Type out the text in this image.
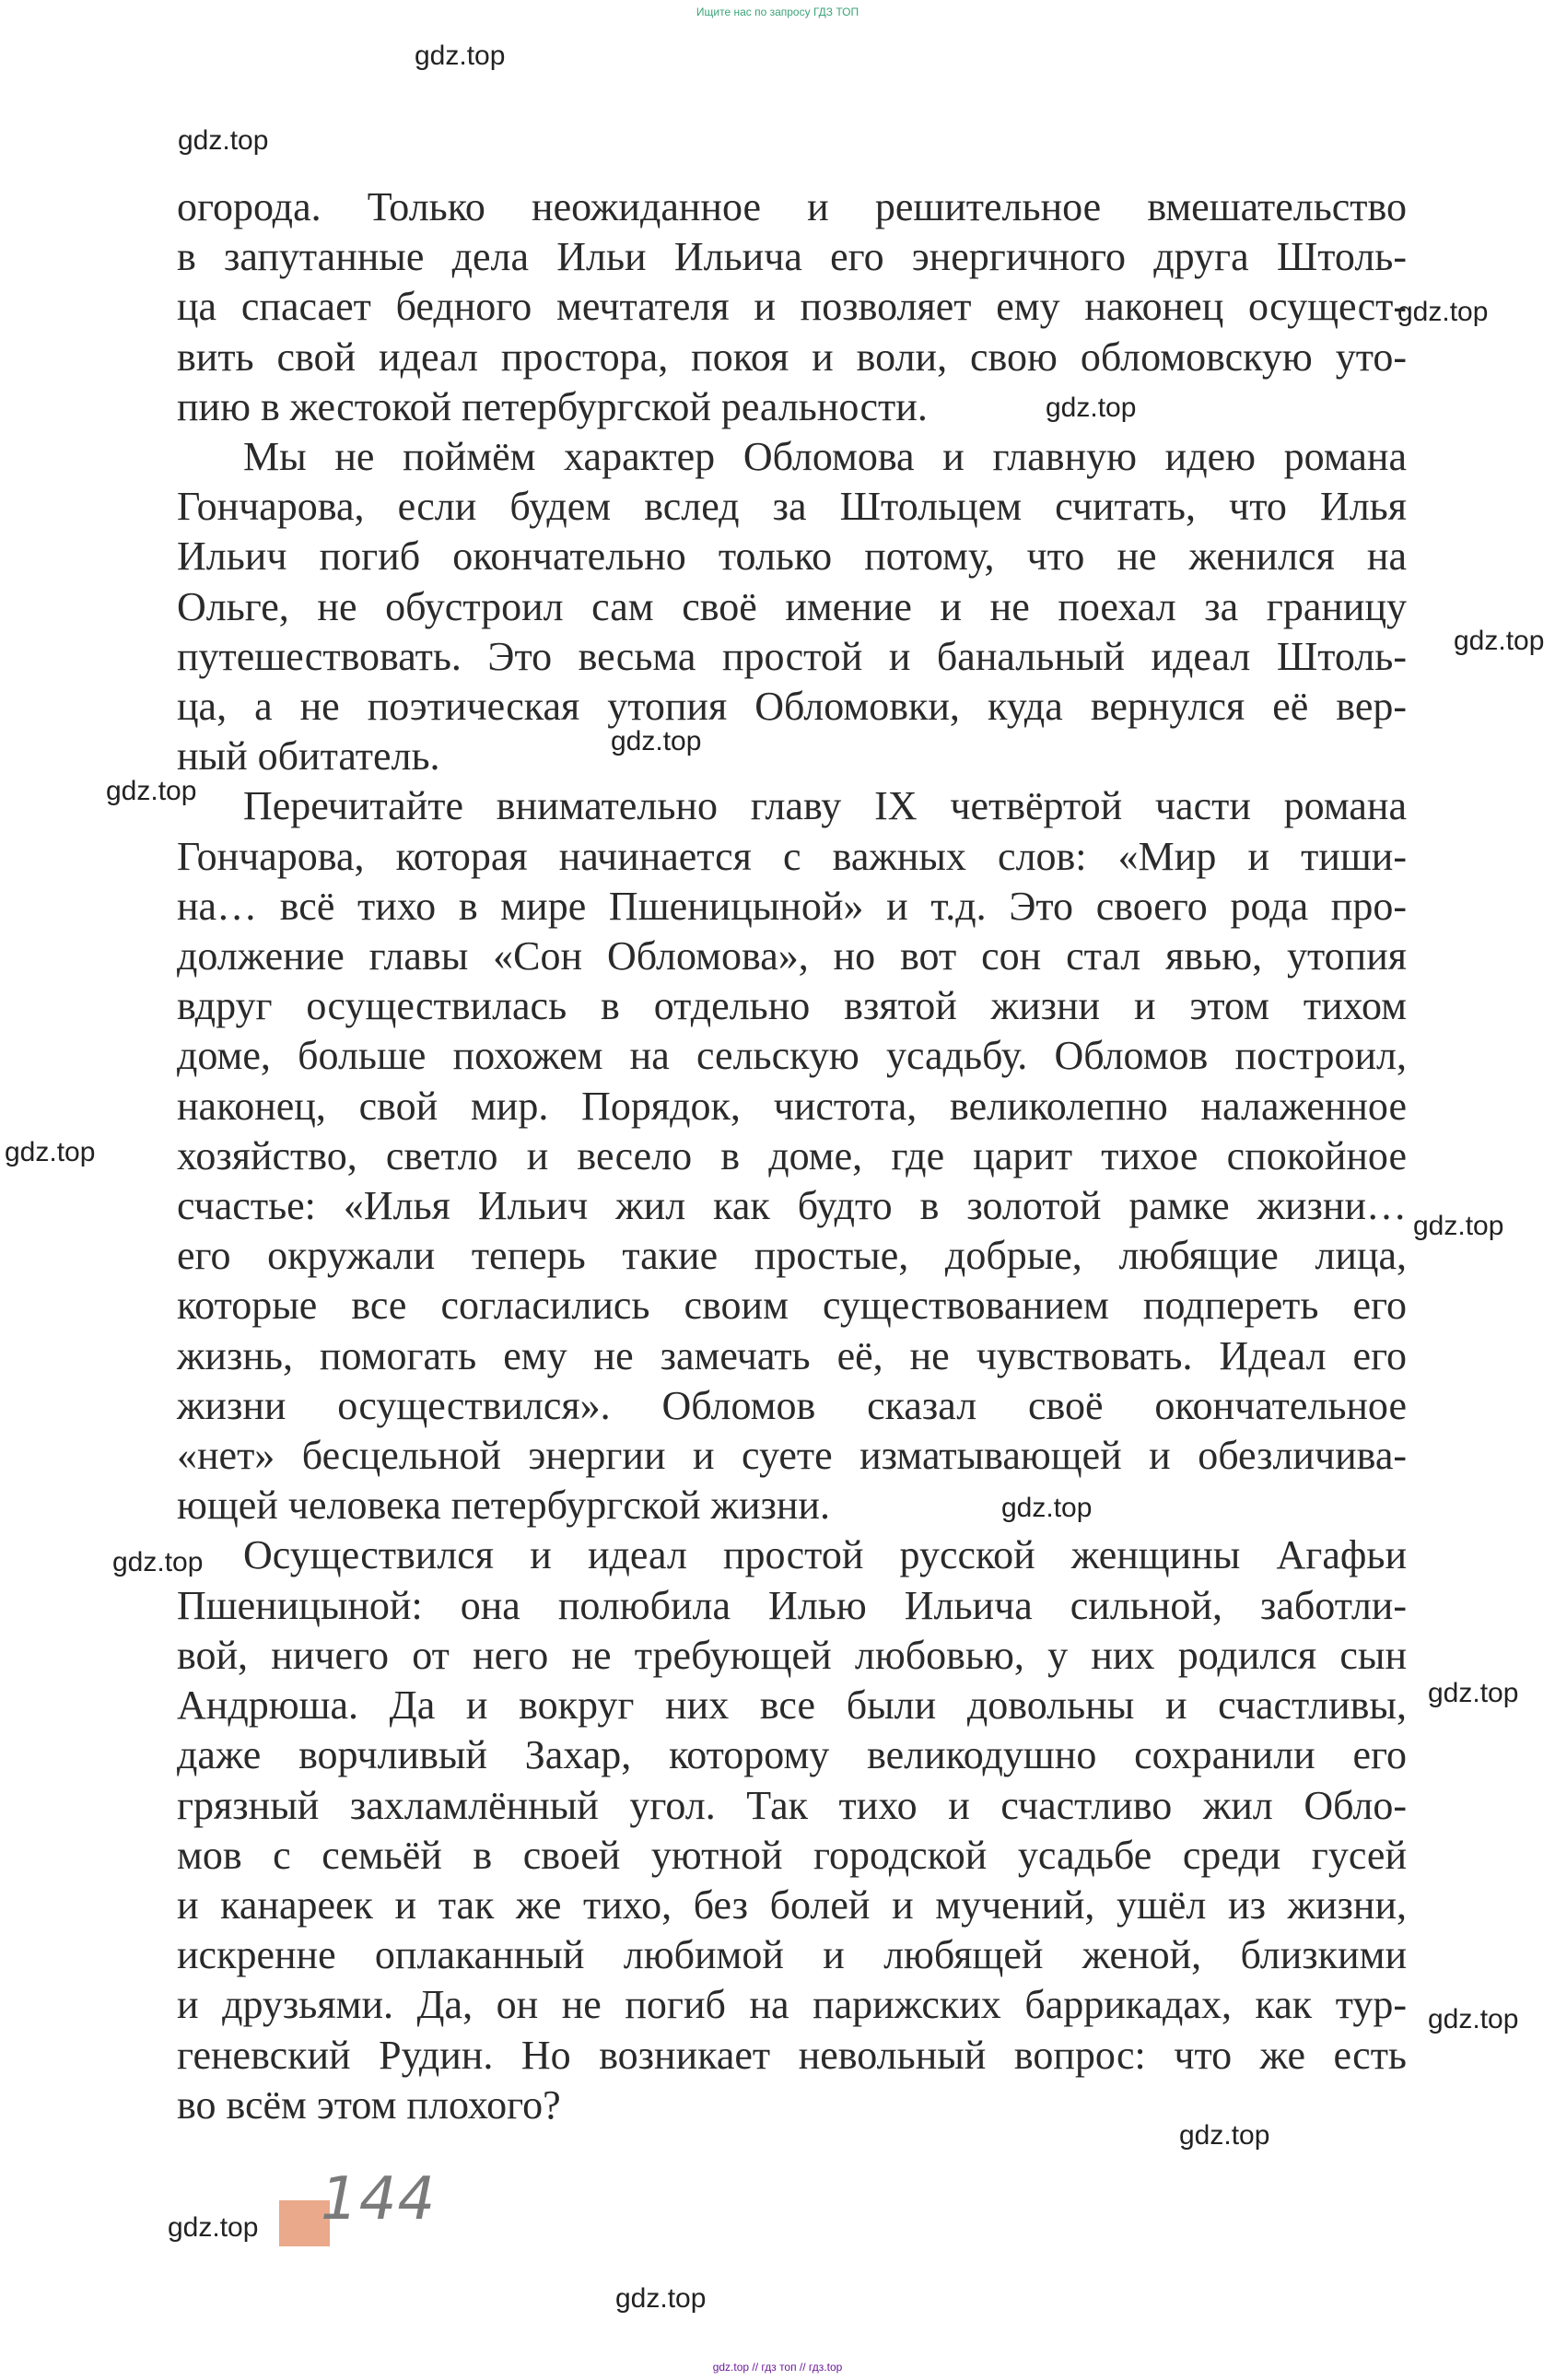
Ищите нас по запросу ГДЗ ТОП
gdz.top
gdz.top
gdz.top
gdz.top
gdz.top
gdz.top
gdz.top
gdz.top
gdz.top
gdz.top
gdz.top
gdz.top
gdz.top
gdz.top
gdz.top
gdz.top

огорода. Только неожиданное и решительное вмешательство
в запутанные дела Ильи Ильича его энергичного друга Штоль-
ца спасает бедного мечтателя и позволяет ему наконец осущест-
вить свой идеал простора, покоя и воли, свою обломовскую уто-
пию в жестокой петербургской реальности.

Мы не поймём характер Обломова и главную идею романа
Гончарова, если будем вслед за Штольцем считать, что Илья
Ильич погиб окончательно только потому, что не женился на
Ольге, не обустроил сам своё имение и не поехал за границу
путешествовать. Это весьма простой и банальный идеал Штоль-
ца, а не поэтическая утопия Обломовки, куда вернулся её вер-
ный обитатель.

Перечитайте внимательно главу IX четвёртой части романа
Гончарова, которая начинается с важных слов: «Мир и тиши-
на… всё тихо в мире Пшеницыной» и т.д. Это своего рода про-
должение главы «Сон Обломова», но вот сон стал явью, утопия
вдруг осуществилась в отдельно взятой жизни и этом тихом
доме, больше похожем на сельскую усадьбу. Обломов построил,
наконец, свой мир. Порядок, чистота, великолепно налаженное
хозяйство, светло и весело в доме, где царит тихое спокойное
счастье: «Илья Ильич жил как будто в золотой рамке жизни…
его окружали теперь такие простые, добрые, любящие лица,
которые все согласились своим существованием подпереть его
жизнь, помогать ему не замечать её, не чувствовать. Идеал его
жизни осуществился». Обломов сказал своё окончательное
«нет» бесцельной энергии и суете изматывающей и обезличива-
ющей человека петербургской жизни.

Осуществился и идеал простой русской женщины Агафьи
Пшеницыной: она полюбила Илью Ильича сильной, заботли-
вой, ничего от него не требующей любовью, у них родился сын
Андрюша. Да и вокруг них все были довольны и счастливы,
даже ворчливый Захар, которому великодушно сохранили его
грязный захламлённый угол. Так тихо и счастливо жил Обло-
мов с семьёй в своей уютной городской усадьбе среди гусей
и канареек и так же тихо, без болей и мучений, ушёл из жизни,
искренне оплаканный любимой и любящей женой, близкими
и друзьями. Да, он не погиб на парижских баррикадах, как тур-
геневский Рудин. Но возникает невольный вопрос: что же есть
во всём этом плохого?

144
gdz.top // гдз топ // гдз.top
